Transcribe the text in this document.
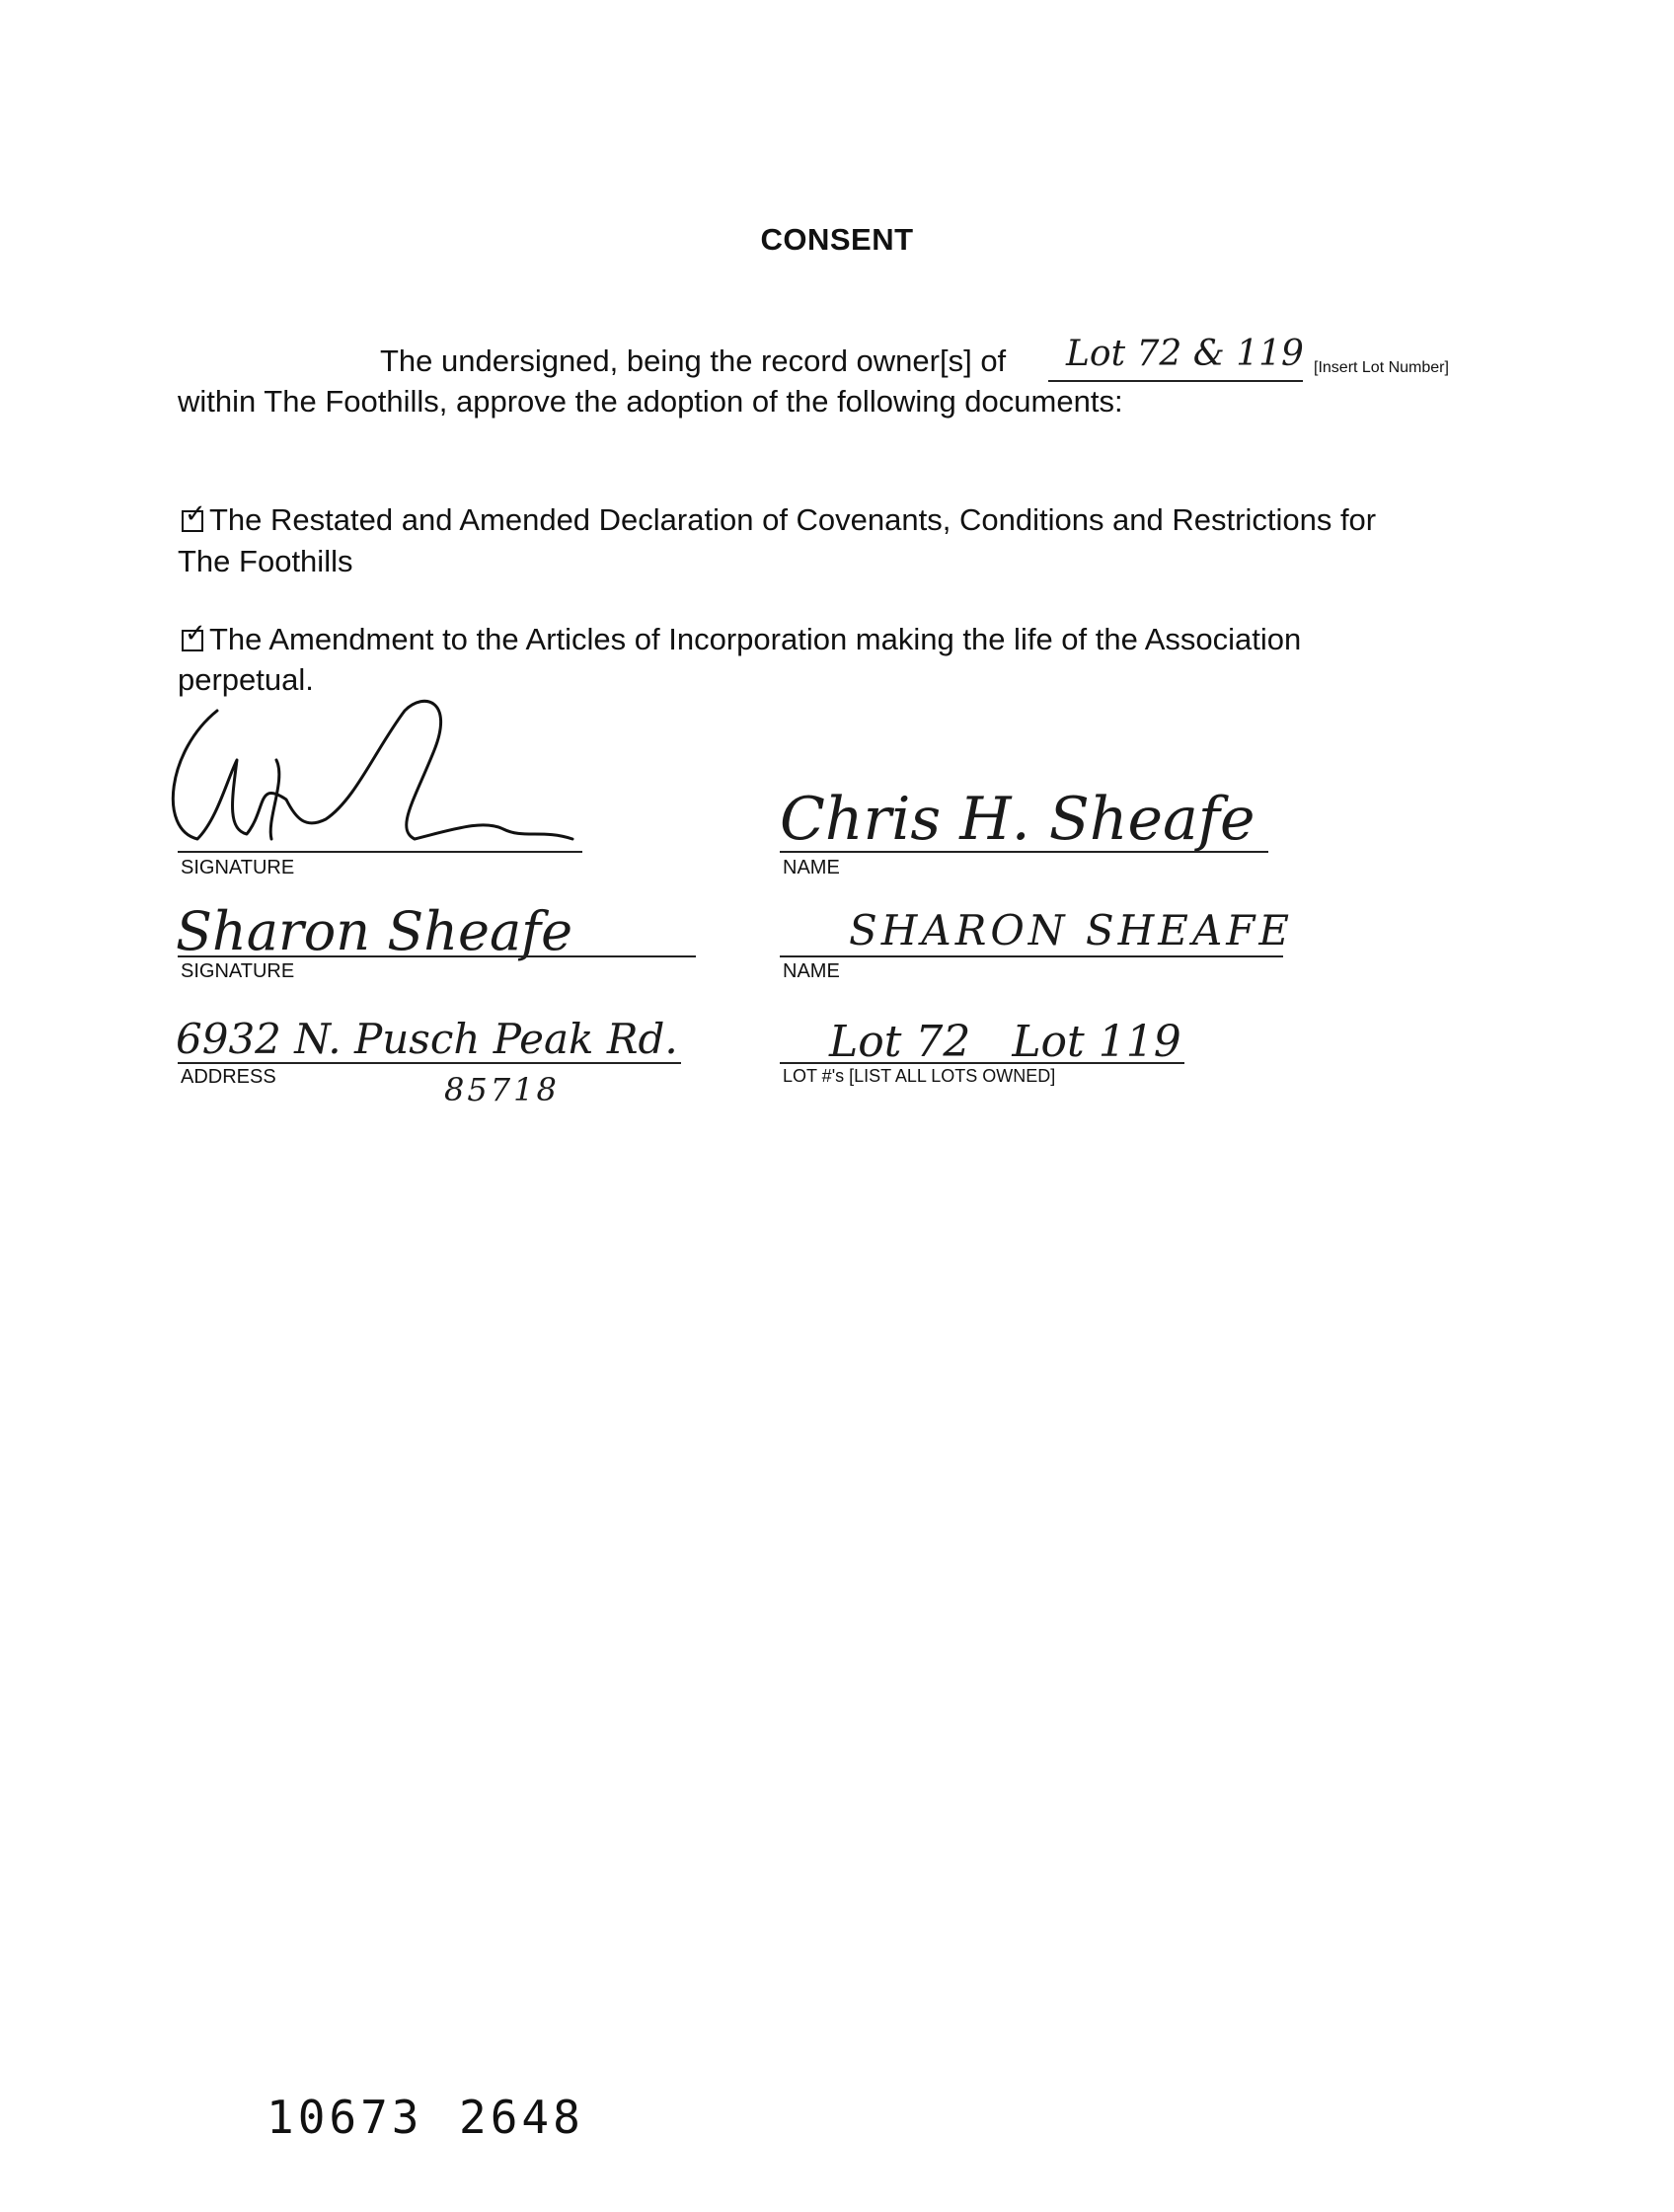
CONSENT
The undersigned, being the record owner[s] of Lot 72 & 119 [Insert Lot Number]
within The Foothills, approve the adoption of the following documents:
✓ The Restated and Amended Declaration of Covenants, Conditions and Restrictions for
The Foothills
✓ The Amendment to the Articles of Incorporation making the life of the Association
perpetual.
SIGNATURE
Chris H. Sheafe
NAME
Sharon Sheafe
SIGNATURE
SHARON SHEAFE
NAME
6932 N. Pusch Peak Rd.
ADDRESS	85718
Lot 72   Lot 119
LOT #'s [LIST ALL LOTS OWNED]
10673 2648
